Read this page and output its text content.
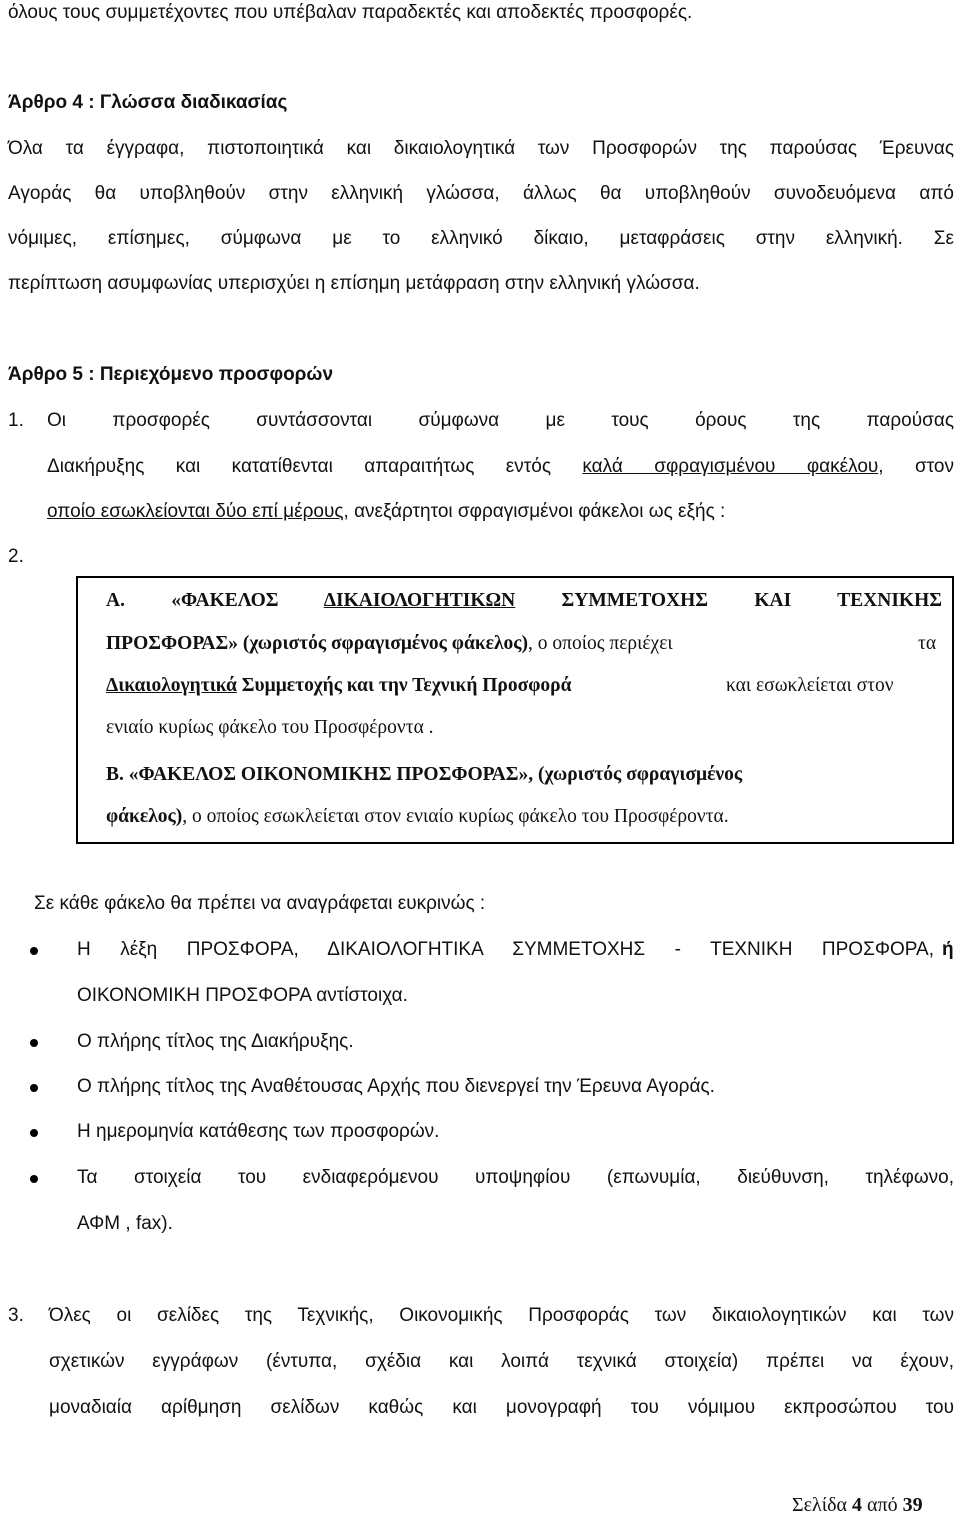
όλους τους συμμετέχοντες που υπέβαλαν παραδεκτές και αποδεκτές προσφορές.
Άρθρο 4 : Γλώσσα διαδικασίας
Όλα τα έγγραφα, πιστοποιητικά και δικαιολογητικά των Προσφορών της παρούσας Έρευνας
Αγοράς θα υποβληθούν στην ελληνική γλώσσα, άλλως θα υποβληθούν συνοδευόμενα από
νόμιμες, επίσημες, σύμφωνα με το ελληνικό δίκαιο, μεταφράσεις στην ελληνική. Σε
περίπτωση ασυμφωνίας υπερισχύει η επίσημη μετάφραση στην ελληνική γλώσσα.
Άρθρο 5 : Περιεχόμενο προσφορών
1. Οι προσφορές συντάσσονται σύμφωνα με τους όρους της παρούσας
Διακήρυξης και κατατίθενται απαραιτήτως εντός καλά σφραγισμένου φακέλου, στον
οποίο εσωκλείονται δύο επί μέρους, ανεξάρτητοι σφραγισμένοι φάκελοι ως εξής :
2.
Α. «ΦΑΚΕΛΟΣ ΔΙΚΑΙΟΛΟΓΗΤΙΚΩΝ ΣΥΜΜΕΤΟΧΗΣ ΚΑΙ ΤΕΧΝΙΚΗΣ
ΠΡΟΣΦΟΡΑΣ» (χωριστός σφραγισμένος φάκελος), ο οποίος περιέχει	τα
Δικαιολογητικά Συμμετοχής και την Τεχνική Προσφορά	και εσωκλείεται στον
ενιαίο κυρίως φάκελο του Προσφέροντα .
Β. «ΦΑΚΕΛΟΣ ΟΙΚΟΝΟΜΙΚΗΣ ΠΡΟΣΦΟΡΑΣ», (χωριστός σφραγισμένος
φάκελος), ο οποίος εσωκλείεται στον ενιαίο κυρίως φάκελο του Προσφέροντα.
Σε κάθε φάκελο θα πρέπει να αναγράφεται ευκρινώς :
Η λέξη ΠΡΟΣΦΟΡΑ, ΔΙΚΑΙΟΛΟΓΗΤΙΚΑ ΣΥΜΜΕΤΟΧΗΣ - ΤΕΧΝΙΚΗ ΠΡΟΣΦΟΡΑ, ή
ΟΙΚΟΝΟΜΙΚΗ ΠΡΟΣΦΟΡΑ αντίστοιχα.
Ο πλήρης τίτλος της Διακήρυξης.
Ο πλήρης τίτλος της Αναθέτουσας Αρχής που διενεργεί την Έρευνα Αγοράς.
Η ημερομηνία κατάθεσης των προσφορών.
Τα στοιχεία του ενδιαφερόμενου υποψηφίου (επωνυμία, διεύθυνση, τηλέφωνο,
ΑΦΜ , fax).
3. Όλες οι σελίδες της Τεχνικής, Οικονομικής Προσφοράς των δικαιολογητικών και των
σχετικών εγγράφων (έντυπα, σχέδια και λοιπά τεχνικά στοιχεία) πρέπει να έχουν,
μοναδιαία αρίθμηση σελίδων καθώς και μονογραφή του νόμιμου εκπροσώπου του
Σελίδα 4 από 39
